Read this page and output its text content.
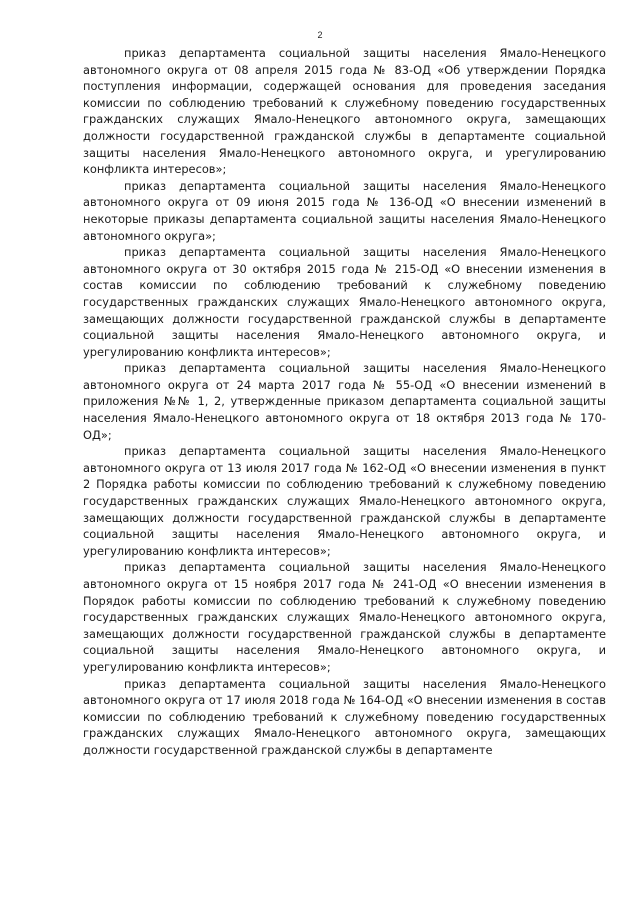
2

приказ департамента социальной защиты населения Ямало-Ненецкого автономного округа от 08 апреля 2015 года № 83-ОД «Об утверждении Порядка поступления информации, содержащей основания для проведения заседания комиссии по соблюдению требований к служебному поведению государственных гражданских служащих Ямало-Ненецкого автономного округа, замещающих должности государственной гражданской службы в департаменте социальной защиты населения Ямало-Ненецкого автономного округа, и урегулированию конфликта интересов»;

приказ департамента социальной защиты населения Ямало-Ненецкого автономного округа от 09 июня 2015 года № 136-ОД «О внесении изменений в некоторые приказы департамента социальной защиты населения Ямало-Ненецкого автономного округа»;

приказ департамента социальной защиты населения Ямало-Ненецкого автономного округа от 30 октября 2015 года № 215-ОД «О внесении изменения в состав комиссии по соблюдению требований к служебному поведению государственных гражданских служащих Ямало-Ненецкого автономного округа, замещающих должности государственной гражданской службы в департаменте социальной защиты населения Ямало-Ненецкого автономного округа, и урегулированию конфликта интересов»;

приказ департамента социальной защиты населения Ямало-Ненецкого автономного округа от 24 марта 2017 года № 55-ОД «О внесении изменений в приложения №№ 1, 2, утвержденные приказом департамента социальной защиты населения Ямало-Ненецкого автономного округа от 18 октября 2013 года № 170-ОД»;

приказ департамента социальной защиты населения Ямало-Ненецкого автономного округа от 13 июля 2017 года № 162-ОД «О внесении изменения в пункт 2 Порядка работы комиссии по соблюдению требований к служебному поведению государственных гражданских служащих Ямало-Ненецкого автономного округа, замещающих должности государственной гражданской службы в департаменте социальной защиты населения Ямало-Ненецкого автономного округа, и урегулированию конфликта интересов»;

приказ департамента социальной защиты населения Ямало-Ненецкого автономного округа от 15 ноября 2017 года № 241-ОД «О внесении изменения в Порядок работы комиссии по соблюдению требований к служебному поведению государственных гражданских служащих Ямало-Ненецкого автономного округа, замещающих должности государственной гражданской службы в департаменте социальной защиты населения Ямало-Ненецкого автономного округа, и урегулированию конфликта интересов»;

приказ департамента социальной защиты населения Ямало-Ненецкого автономного округа от 17 июля 2018 года № 164-ОД «О внесении изменения в состав комиссии по соблюдению требований к служебному поведению государственных гражданских служащих Ямало-Ненецкого автономного округа, замещающих должности государственной гражданской службы в департаменте
